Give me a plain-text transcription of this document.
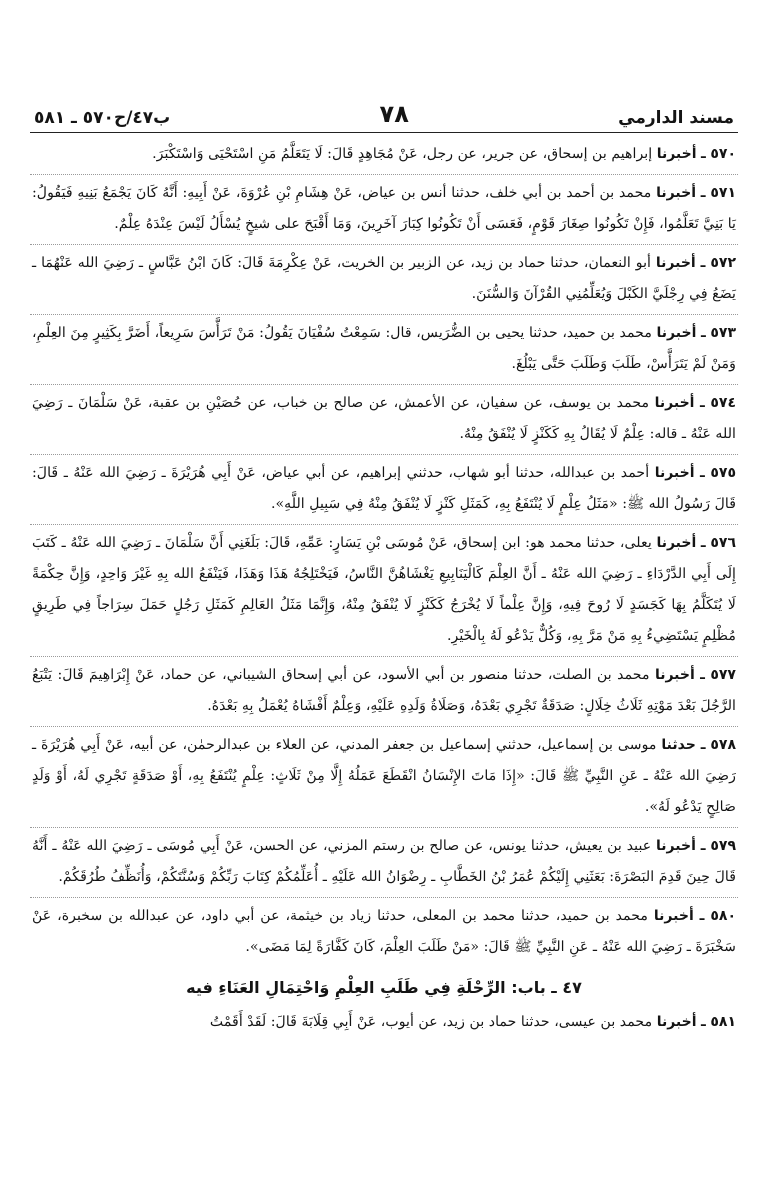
مسند الدارمي
٧٨
ب٤٧/ح٥٧٠ ـ ٥٨١

٥٧٠ ـ أخبرنا إبراهيم بن إسحاق، عن جرير، عن رجل، عَنْ مُجَاهِدٍ قَالَ: لَا يَتَعَلَّمُ مَنِ اسْتَحْيَى وَاسْتَكْبَرَ.

٥٧١ ـ أخبرنا محمد بن أحمد بن أبي خلف، حدثنا أنس بن عياض، عَنْ هِشَامِ بْنِ عُرْوَةَ، عَنْ أَبِيهِ: أَنَّهُ كَانَ يَجْمَعُ بَنِيهِ فَيَقُولُ: يَا بَنِيَّ تَعَلَّمُوا، فَإِنْ تَكُونُوا صِغَارَ قَوْمٍ، فَعَسَى أَنْ تَكُونُوا كِبَارَ آخَرِينَ، وَمَا أَقْبَحَ على شيخٍ يُسْأَلُ لَيْسَ عِنْدَهُ عِلْمٌ.

٥٧٢ ـ أخبرنا أبو النعمان، حدثنا حماد بن زيد، عن الزبير بن الخريت، عَنْ عِكْرِمَةَ قَالَ: كَانَ ابْنُ عَبَّاسٍ ـ رَضِيَ الله عَنْهُمَا ـ يَضَعُ فِي رِجْلَيَّ الكَبْلَ وَيُعَلِّمُنِي القُرْآنَ وَالسُّنَنَ.

٥٧٣ ـ أخبرنا محمد بن حميد، حدثنا يحيى بن الضُّرَيس، قال: سَمِعْتُ سُفْيَانَ يَقُولُ: مَنْ تَرَأَّسَ سَرِيعاً، أَضَرَّ بِكَثِيرٍ مِنَ العِلْمِ، وَمَنْ لَمْ يَتَرَأَّسْ، طَلَبَ وَطَلَبَ حَتَّى يَبْلُغَ.

٥٧٤ ـ أخبرنا محمد بن يوسف، عن سفيان، عن الأعمش، عن صالح بن خباب، عن حُصَيْنِ بن عقبة، عَنْ سَلْمَانَ ـ رَضِيَ الله عَنْهُ ـ قاله: عِلْمٌ لَا يُقَالُ بِهِ كَكَنْزٍ لَا يُنْفَقُ مِنْهُ.

٥٧٥ ـ أخبرنا أحمد بن عبدالله، حدثنا أبو شهاب، حدثني إبراهيم، عن أبي عياض، عَنْ أَبِي هُرَيْرَةَ ـ رَضِيَ الله عَنْهُ ـ قَالَ: قَالَ رَسُولُ الله ﷺ: «مَثَلُ عِلْمٍ لَا يُنْتَفَعُ بِهِ، كَمَثَلِ كَنْزٍ لَا يُنْفَقُ مِنْهُ فِي سَبِيلِ اللَّهِ».

٥٧٦ ـ أخبرنا يعلى، حدثنا محمد هو: ابن إسحاق، عَنْ مُوسَى بْنِ يَسَارٍ: عَمِّهِ، قَالَ: بَلَغَنِي أَنَّ سَلْمَانَ ـ رَضِيَ الله عَنْهُ ـ كَتَبَ إِلَى أَبِي الدَّرْدَاءِ ـ رَضِيَ الله عَنْهُ ـ أَنَّ العِلْمَ كَالْيَنَابِيعِ يَغْشَاهُنَّ النَّاسُ، فَيَخْتَلِجُهُ هَذَا وَهَذَا، فَيَنْفَعُ الله بِهِ غَيْرَ وَاحِدٍ، وَإِنَّ حِكْمَةً لَا يُتَكَلَّمُ بِهَا كَجَسَدٍ لَا رُوحَ فِيهِ، وَإِنَّ عِلْماً لَا يُخْرَجُ كَكَنْزٍ لَا يُنْفَقُ مِنْهُ، وَإِنَّمَا مَثَلُ العَالِمِ كَمَثَلِ رَجُلٍ حَمَلَ سِرَاجاً فِي طَرِيقٍ مُظْلِمٍ يَسْتَضِيءُ بِهِ مَنْ مَرَّ بِهِ، وَكُلٌّ يَدْعُو لَهُ بِالْخَيْرِ.

٥٧٧ ـ أخبرنا محمد بن الصلت، حدثنا منصور بن أبي الأسود، عن أبي إسحاق الشيباني، عن حماد، عَنْ إِبْرَاهِيمَ قَالَ: يَتْبَعُ الرَّجُلَ بَعْدَ مَوْتِهِ ثَلَاثُ خِلَالٍ: صَدَقَةٌ تَجْرِي بَعْدَهُ، وَصَلَاةُ وَلَدِهِ عَلَيْهِ، وَعِلْمٌ أَفْشَاهُ يُعْمَلُ بِهِ بَعْدَهُ.

٥٧٨ ـ حدثنا موسى بن إسماعيل، حدثني إسماعيل بن جعفر المدني، عن العلاء بن عبدالرحمٰن، عن أبيه، عَنْ أَبِي هُرَيْرَةَ ـ رَضِيَ الله عَنْهُ ـ عَنِ النَّبِيِّ ﷺ قَالَ: «إِذَا مَاتَ الإِنْسَانُ انْقَطَعَ عَمَلُهُ إِلَّا مِنْ ثَلَاثٍ: عِلْمٍ يُنْتَفَعُ بِهِ، أَوْ صَدَقَةٍ تَجْرِي لَهُ، أَوْ وَلَدٍ صَالِحٍ يَدْعُو لَهُ».

٥٧٩ ـ أخبرنا عبيد بن يعيش، حدثنا يونس، عن صالح بن رستم المزني، عن الحسن، عَنْ أَبِي مُوسَى ـ رَضِيَ الله عَنْهُ ـ أَنَّهُ قَالَ حِينَ قَدِمَ البَصْرَةَ: بَعَثَنِي إِلَيْكُمْ عُمَرُ بْنُ الخَطَّابِ ـ رِضْوَانُ الله عَلَيْهِ ـ أُعَلِّمُكُمْ كِتَابَ رَبِّكُمْ وَسُنَّتَكُمْ، وَأُنَظِّفُ طُرُقَكُمْ.

٥٨٠ ـ أخبرنا محمد بن حميد، حدثنا محمد بن المعلى، حدثنا زياد بن خيثمة، عن أبي داود، عن عبدالله بن سخبرة، عَنْ سَخْبَرَةَ ـ رَضِيَ الله عَنْهُ ـ عَنِ النَّبِيِّ ﷺ قَالَ: «مَنْ طَلَبَ العِلْمَ، كَانَ كَفَّارَةً لِمَا مَضَى».

٤٧ ـ باب: الرِّحْلَةِ فِي طَلَبِ العِلْمِ وَاحْتِمَالِ العَنَاءِ فيه

٥٨١ ـ أخبرنا محمد بن عيسى، حدثنا حماد بن زيد، عن أيوب، عَنْ أَبِي قِلَابَةَ قَالَ: لَقَدْ أَقَمْتُ
